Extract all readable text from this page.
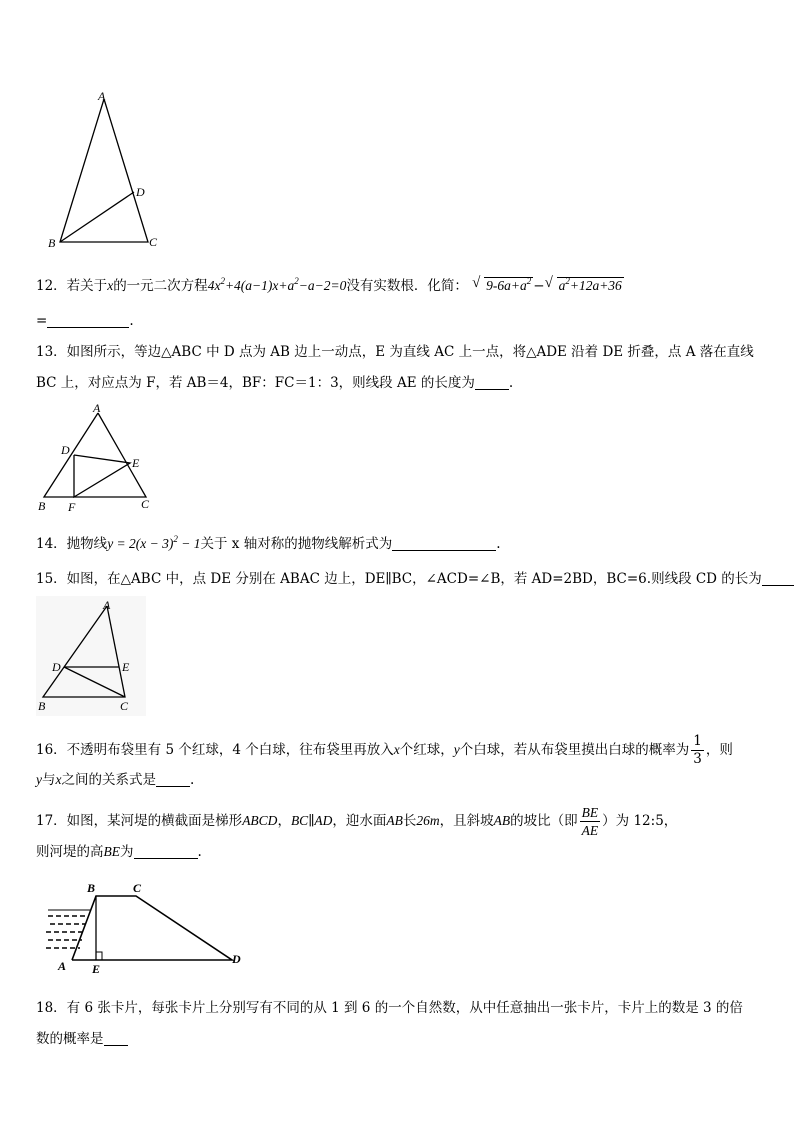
A
D
B	C
12．若关于x的一元二次方程$4x^2+4(a-1)x+a^2-a-2=0$没有实数根．化简： √ $9-6a+a^2$ − √ $a^2+12a+36$
=	.
13．如图所示，等边△ABC 中 D 点为 AB 边上一动点，E 为直线 AC 上一点，将△ADE 沿着 DE 折叠，点 A 落在直线
BC 上，对应点为 F，若 AB＝4，BF：FC＝1：3，则线段 AE 的长度为	.
A
D
E
B F	C
14．抛物线$y = 2(x - 3)^2 - 1$关于 x 轴对称的抛物线解析式为	.
15．如图，在△ABC 中，点 DE 分别在 ABAC 边上，DE∥BC，∠ACD=∠B，若 AD=2BD，BC=6.则线段 CD 的长为
A
D	E
B	C
16．不透明布袋里有 5 个红球，4 个白球，往布袋里再放入x个红球，y个白球，若从布袋里摸出白球的概率为 $\frac{1}{3}$ ，则
y与x之间的关系式是	.
17．如图，某河堤的横截面是梯形ABCD，BC∥AD，迎水面AB长26m，且斜坡AB的坡比（即 $\frac{BE}{AE}$ ）为 12:5，
则河堤的高BE为	.
B	C
A E
D
18．有 6 张卡片，每张卡片上分别写有不同的从 1 到 6 的一个自然数，从中任意抽出一张卡片，卡片上的数是 3 的倍
数的概率是
